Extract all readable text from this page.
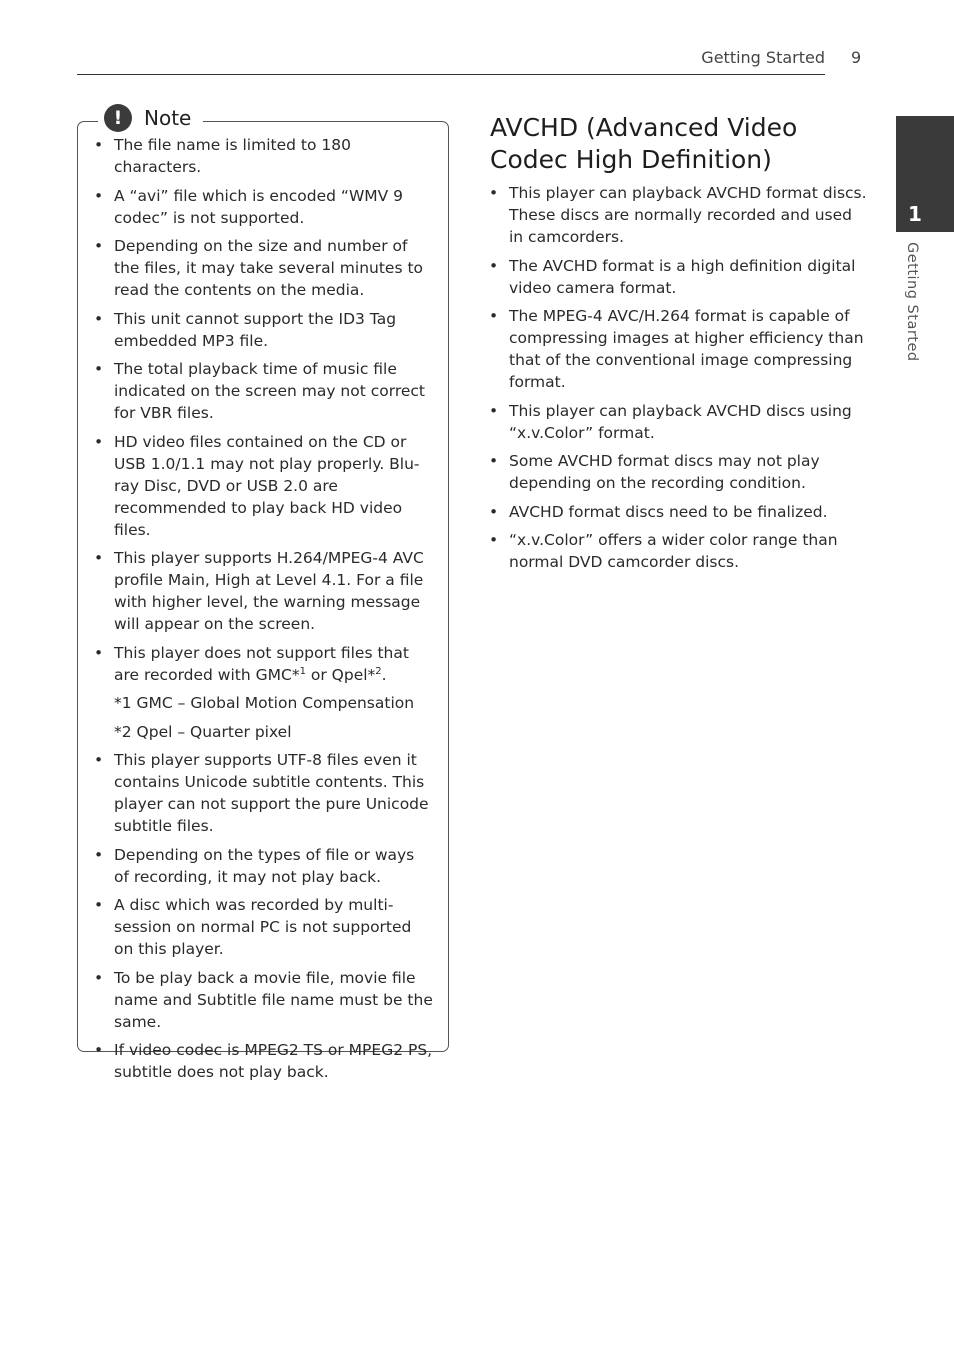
Getting Started 9
1
Getting Started
!	Note
• The file name is limited to 180 characters.
• A “avi” file which is encoded “WMV 9 codec” is not supported.
• Depending on the size and number of the files, it may take several minutes to read the contents on the media.
• This unit cannot support the ID3 Tag embedded MP3 file.
• The total playback time of music file indicated on the screen may not correct for VBR files.
• HD video files contained on the CD or USB 1.0/1.1 may not play properly. Blu-ray Disc, DVD or USB 2.0 are recommended to play back HD video files.
• This player supports H.264/MPEG-4 AVC profile Main, High at Level 4.1. For a file with higher level, the warning message will appear on the screen.
• This player does not support files that are recorded with GMC*$^1$ or Qpel*$^2$.
*1 GMC – Global Motion Compensation
*2 Qpel – Quarter pixel
• This player supports UTF-8 files even it contains Unicode subtitle contents. This player can not support the pure Unicode subtitle files.
• Depending on the types of file or ways of recording, it may not play back.
• A disc which was recorded by multi-session on normal PC is not supported on this player.
• To be play back a movie file, movie file name and Subtitle file name must be the same.
• If video codec is MPEG2 TS or MPEG2 PS, subtitle does not play back.
AVCHD (Advanced Video Codec High Definition)
• This player can playback AVCHD format discs. These discs are normally recorded and used in camcorders.
• The AVCHD format is a high definition digital video camera format.
• The MPEG-4 AVC/H.264 format is capable of compressing images at higher efficiency than that of the conventional image compressing format.
• This player can playback AVCHD discs using “x.v.Color” format.
• Some AVCHD format discs may not play depending on the recording condition.
• AVCHD format discs need to be finalized.
• “x.v.Color” offers a wider color range than normal DVD camcorder discs.
